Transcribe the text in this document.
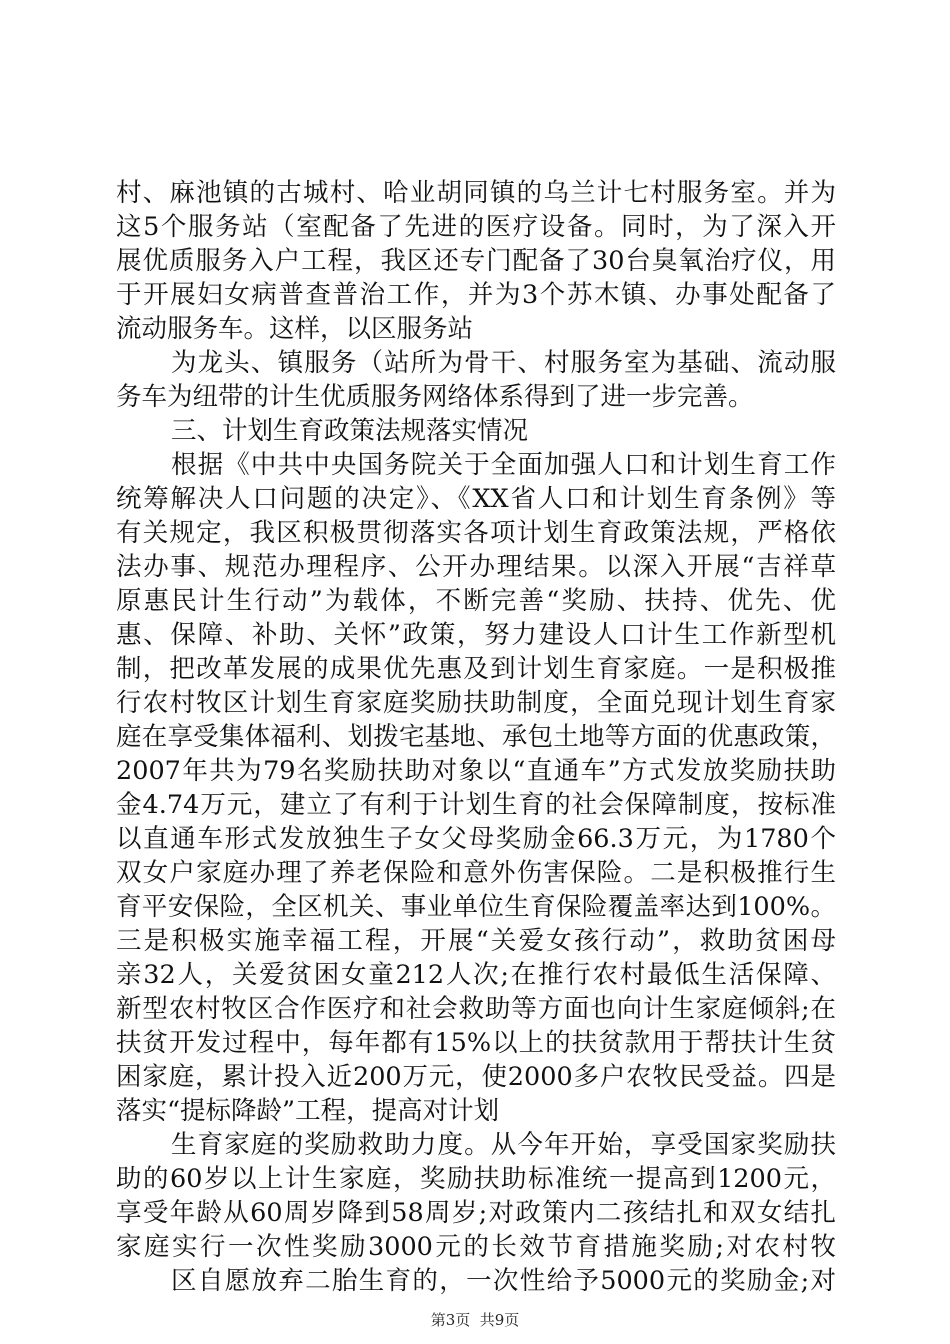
村、麻池镇的古城村、哈业胡同镇的乌兰计七村服务室。并为
这5个服务站（室配备了先进的医疗设备。同时，为了深入开
展优质服务入户工程，我区还专门配备了30台臭氧治疗仪，用
于开展妇女病普查普治工作，并为3个苏木镇、办事处配备了
流动服务车。这样，以区服务站
为龙头、镇服务（站所为骨干、村服务室为基础、流动服
务车为纽带的计生优质服务网络体系得到了进一步完善。
三、计划生育政策法规落实情况
根据《中共中央国务院关于全面加强人口和计划生育工作
统筹解决人口问题的决定》、《XX省人口和计划生育条例》等
有关规定，我区积极贯彻落实各项计划生育政策法规，严格依
法办事、规范办理程序、公开办理结果。以深入开展“吉祥草
原惠民计生行动”为载体，不断完善“奖励、扶持、优先、优
惠、保障、补助、关怀”政策，努力建设人口计生工作新型机
制，把改革发展的成果优先惠及到计划生育家庭。一是积极推
行农村牧区计划生育家庭奖励扶助制度，全面兑现计划生育家
庭在享受集体福利、划拨宅基地、承包土地等方面的优惠政策，
2007年共为79名奖励扶助对象以“直通车”方式发放奖励扶助
金4.74万元，建立了有利于计划生育的社会保障制度，按标准
以直通车形式发放独生子女父母奖励金66.3万元，为1780个
双女户家庭办理了养老保险和意外伤害保险。二是积极推行生
育平安保险，全区机关、事业单位生育保险覆盖率达到100%。
三是积极实施幸福工程，开展“关爱女孩行动”，救助贫困母
亲32人，关爱贫困女童212人次;在推行农村最低生活保障、
新型农村牧区合作医疗和社会救助等方面也向计生家庭倾斜;在
扶贫开发过程中，每年都有15%以上的扶贫款用于帮扶计生贫
困家庭，累计投入近200万元，使2000多户农牧民受益。四是
落实“提标降龄”工程，提高对计划
生育家庭的奖励救助力度。从今年开始，享受国家奖励扶
助的60岁以上计生家庭，奖励扶助标准统一提高到1200元，
享受年龄从60周岁降到58周岁;对政策内二孩结扎和双女结扎
家庭实行一次性奖励3000元的长效节育措施奖励;对农村牧
区自愿放弃二胎生育的，一次性给予5000元的奖励金;对
第3页  共9页
